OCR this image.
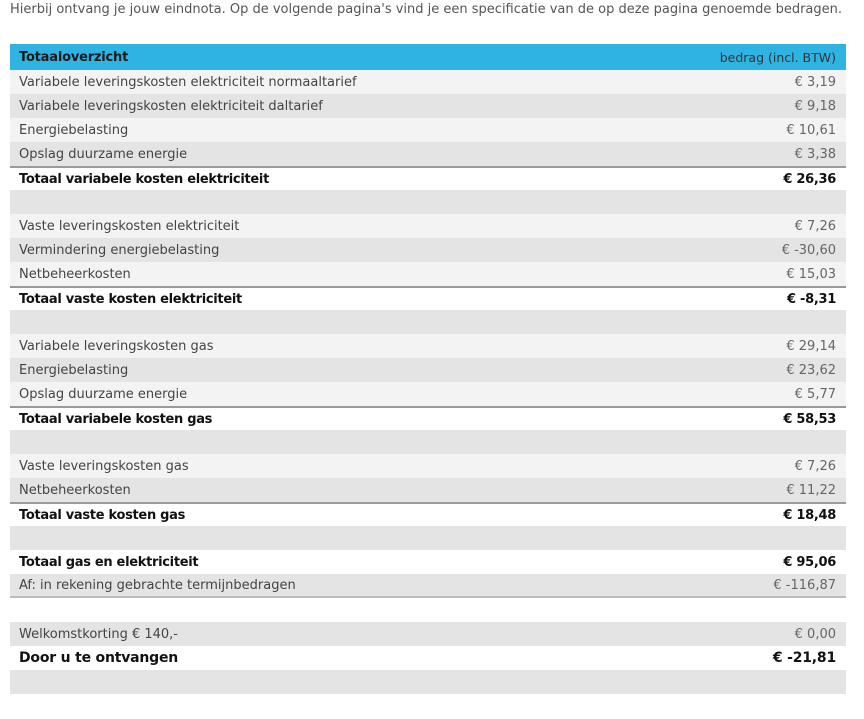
Hierbij ontvang je jouw eindnota. Op de volgende pagina's vind je een specificatie van de op deze pagina genoemde bedragen.
Totaaloverzicht	bedrag (incl. BTW)
Variabele leveringskosten elektriciteit normaaltarief	€ 3,19
Variabele leveringskosten elektriciteit daltarief	€ 9,18
Energiebelasting	€ 10,61
Opslag duurzame energie	€ 3,38
Totaal variabele kosten elektriciteit	€ 26,36
Vaste leveringskosten elektriciteit	€ 7,26
Vermindering energiebelasting	€ -30,60
Netbeheerkosten	€ 15,03
Totaal vaste kosten elektriciteit	€ -8,31
Variabele leveringskosten gas	€ 29,14
Energiebelasting	€ 23,62
Opslag duurzame energie	€ 5,77
Totaal variabele kosten gas	€ 58,53
Vaste leveringskosten gas	€ 7,26
Netbeheerkosten	€ 11,22
Totaal vaste kosten gas	€ 18,48
Totaal gas en elektriciteit	€ 95,06
Af: in rekening gebrachte termijnbedragen	€ -116,87
Welkomstkorting € 140,-	€ 0,00
Door u te ontvangen	€ -21,81
